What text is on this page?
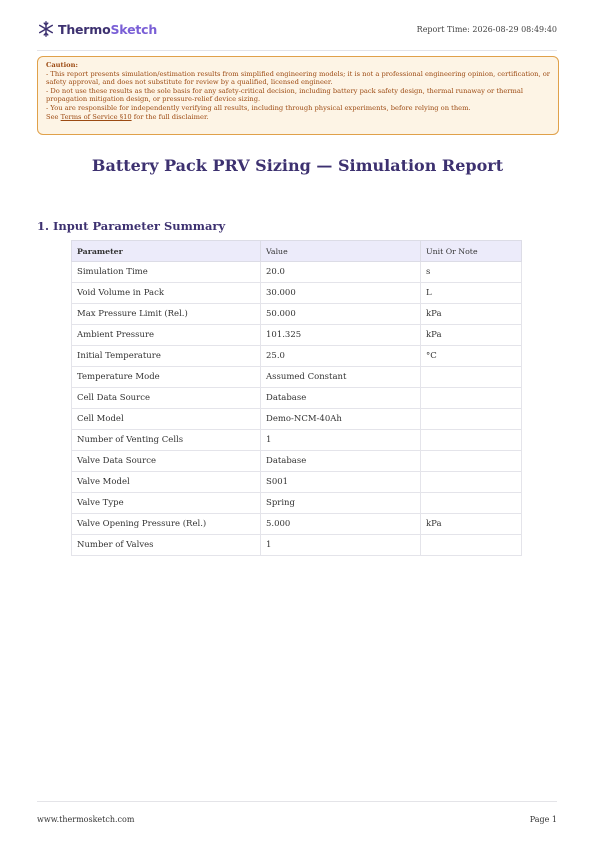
ThermoSketch	Report Time: 2026-08-29 08:49:40
Caution:
- This report presents simulation/estimation results from simplified engineering models; it is not a professional engineering opinion, certification, or safety approval, and does not substitute for review by a qualified, licensed engineer.
- Do not use these results as the sole basis for any safety-critical decision, including battery pack safety design, thermal runaway or thermal propagation mitigation design, or pressure-relief device sizing.
- You are responsible for independently verifying all results, including through physical experiments, before relying on them.
See Terms of Service §10 for the full disclaimer.
Battery Pack PRV Sizing — Simulation Report
1. Input Parameter Summary
Parameter	Value	Unit Or Note
Simulation Time	20.0	s
Void Volume in Pack	30.000	L
Max Pressure Limit (Rel.)	50.000	kPa
Ambient Pressure	101.325	kPa
Initial Temperature	25.0	°C
Temperature Mode	Assumed Constant	
Cell Data Source	Database	
Cell Model	Demo-NCM-40Ah	
Number of Venting Cells	1	
Valve Data Source	Database	
Valve Model	S001	
Valve Type	Spring	
Valve Opening Pressure (Rel.)	5.000	kPa
Number of Valves	1	
www.thermosketch.com	Page 1
